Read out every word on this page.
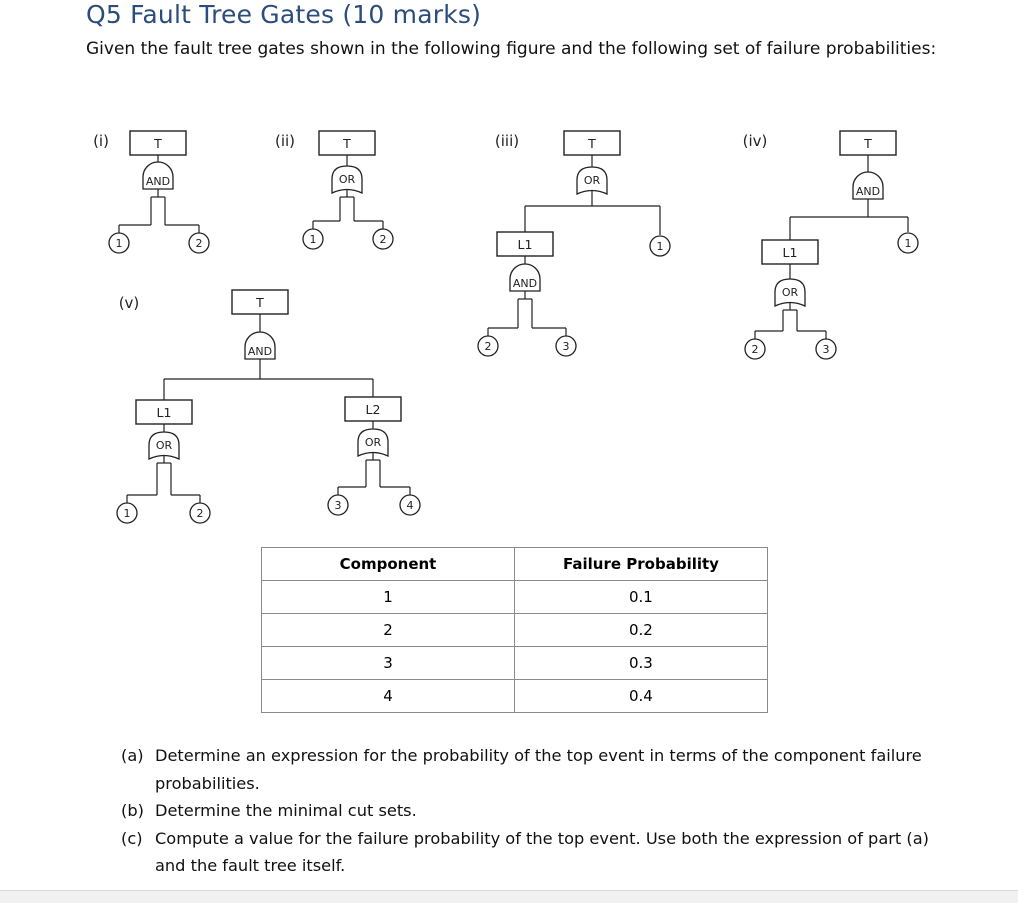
Q5 Fault Tree Gates (10 marks)
Given the fault tree gates shown in the following figure and the following set of failure probabilities:
(i)	T
AND
1	2
(ii)	T
OR
1	2
(iii)	T
OR
1
L1
AND
2	3
(iv)	T
AND
1
L1
OR
2	3
(v)	T
AND
L1
OR
1	2
L2
OR
3	4
Component	Failure Probability
1	0.1
2	0.2
3	0.3
4	0.4
(a) Determine an expression for the probability of the top event in terms of the component failure probabilities.
(b) Determine the minimal cut sets.
(c) Compute a value for the failure probability of the top event. Use both the expression of part (a) and the fault tree itself.
